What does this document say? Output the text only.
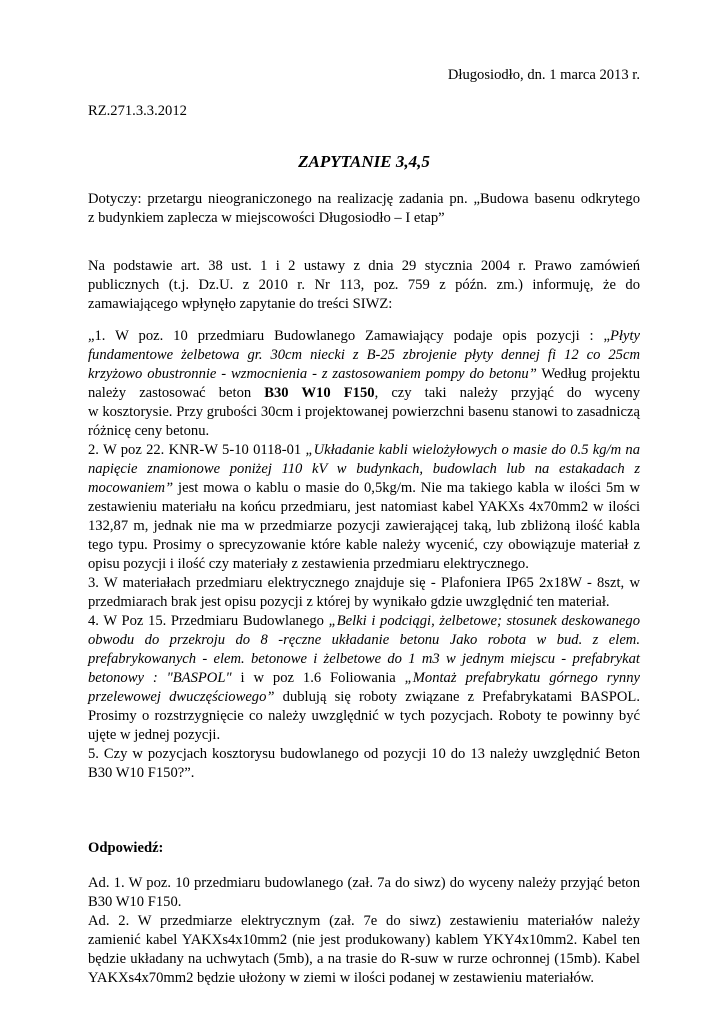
Długosiodło, dn. 1 marca 2013 r.
RZ.271.3.3.2012
ZAPYTANIE 3,4,5
Dotyczy: przetargu nieograniczonego na realizację zadania pn. „Budowa basenu odkrytego
z budynkiem zaplecza w miejscowości Długosiodło – I etap”
Na podstawie art. 38 ust. 1 i 2 ustawy z dnia 29 stycznia 2004 r. Prawo zamówień
publicznych (t.j. Dz.U. z 2010 r. Nr 113, poz. 759 z późn. zm.) informuję, że do
zamawiającego wpłynęło zapytanie do treści SIWZ:
„1. W poz. 10 przedmiaru Budowlanego Zamawiający podaje opis pozycji : „Płyty
fundamentowe żelbetowa gr. 30cm niecki z B-25 zbrojenie płyty dennej fi 12 co 25cm
krzyżowo obustronnie - wzmocnienia - z zastosowaniem pompy do betonu” Według projektu
należy zastosować beton B30 W10 F150, czy taki należy przyjąć do wyceny
w kosztorysie. Przy grubości 30cm i projektowanej powierzchni basenu stanowi to zasadniczą
różnicę ceny betonu.
2. W poz 22. KNR-W 5-10 0118-01 „Układanie kabli wielożyłowych o masie do 0.5 kg/m na
napięcie znamionowe poniżej 110 kV w budynkach, budowlach lub na estakadach z
mocowaniem” jest mowa o kablu o masie do 0,5kg/m. Nie ma takiego kabla w ilości 5m w
zestawieniu materiału na końcu przedmiaru, jest natomiast kabel YAKXs 4x70mm2 w ilości
132,87 m, jednak nie ma w przedmiarze pozycji zawierającej taką, lub zbliżoną ilość kabla
tego typu. Prosimy o sprecyzowanie które kable należy wycenić, czy obowiązuje materiał z
opisu pozycji i ilość czy materiały z zestawienia przedmiaru elektrycznego.
3. W materiałach przedmiaru elektrycznego znajduje się - Plafoniera IP65 2x18W - 8szt, w
przedmiarach brak jest opisu pozycji z której by wynikało gdzie uwzględnić ten materiał.
4. W Poz 15. Przedmiaru Budowlanego „Belki i podciągi, żelbetowe; stosunek deskowanego
obwodu do przekroju do 8 -ręczne układanie betonu Jako robota w bud. z elem.
prefabrykowanych - elem. betonowe i żelbetowe do 1 m3 w jednym miejscu - prefabrykat
betonowy : "BASPOL" i w poz 1.6 Foliowania „Montaż prefabrykatu górnego rynny
przelewowej dwuczęściowego” dublują się roboty związane z Prefabrykatami BASPOL.
Prosimy o rozstrzygnięcie co należy uwzględnić w tych pozycjach. Roboty te powinny być
ujęte w jednej pozycji.
5. Czy w pozycjach kosztorysu budowlanego od pozycji 10 do 13 należy uwzględnić Beton
B30 W10 F150?”.
Odpowiedź:
Ad. 1. W poz. 10 przedmiaru budowlanego (zał. 7a do siwz) do wyceny należy przyjąć beton
B30 W10 F150.
Ad. 2. W przedmiarze elektrycznym (zał. 7e do siwz) zestawieniu materiałów należy
zamienić kabel YAKXs4x10mm2 (nie jest produkowany) kablem YKY4x10mm2. Kabel ten
będzie układany na uchwytach (5mb), a na trasie do R-suw w rurze ochronnej (15mb). Kabel
YAKXs4x70mm2 będzie ułożony w ziemi w ilości podanej w zestawieniu materiałów.
